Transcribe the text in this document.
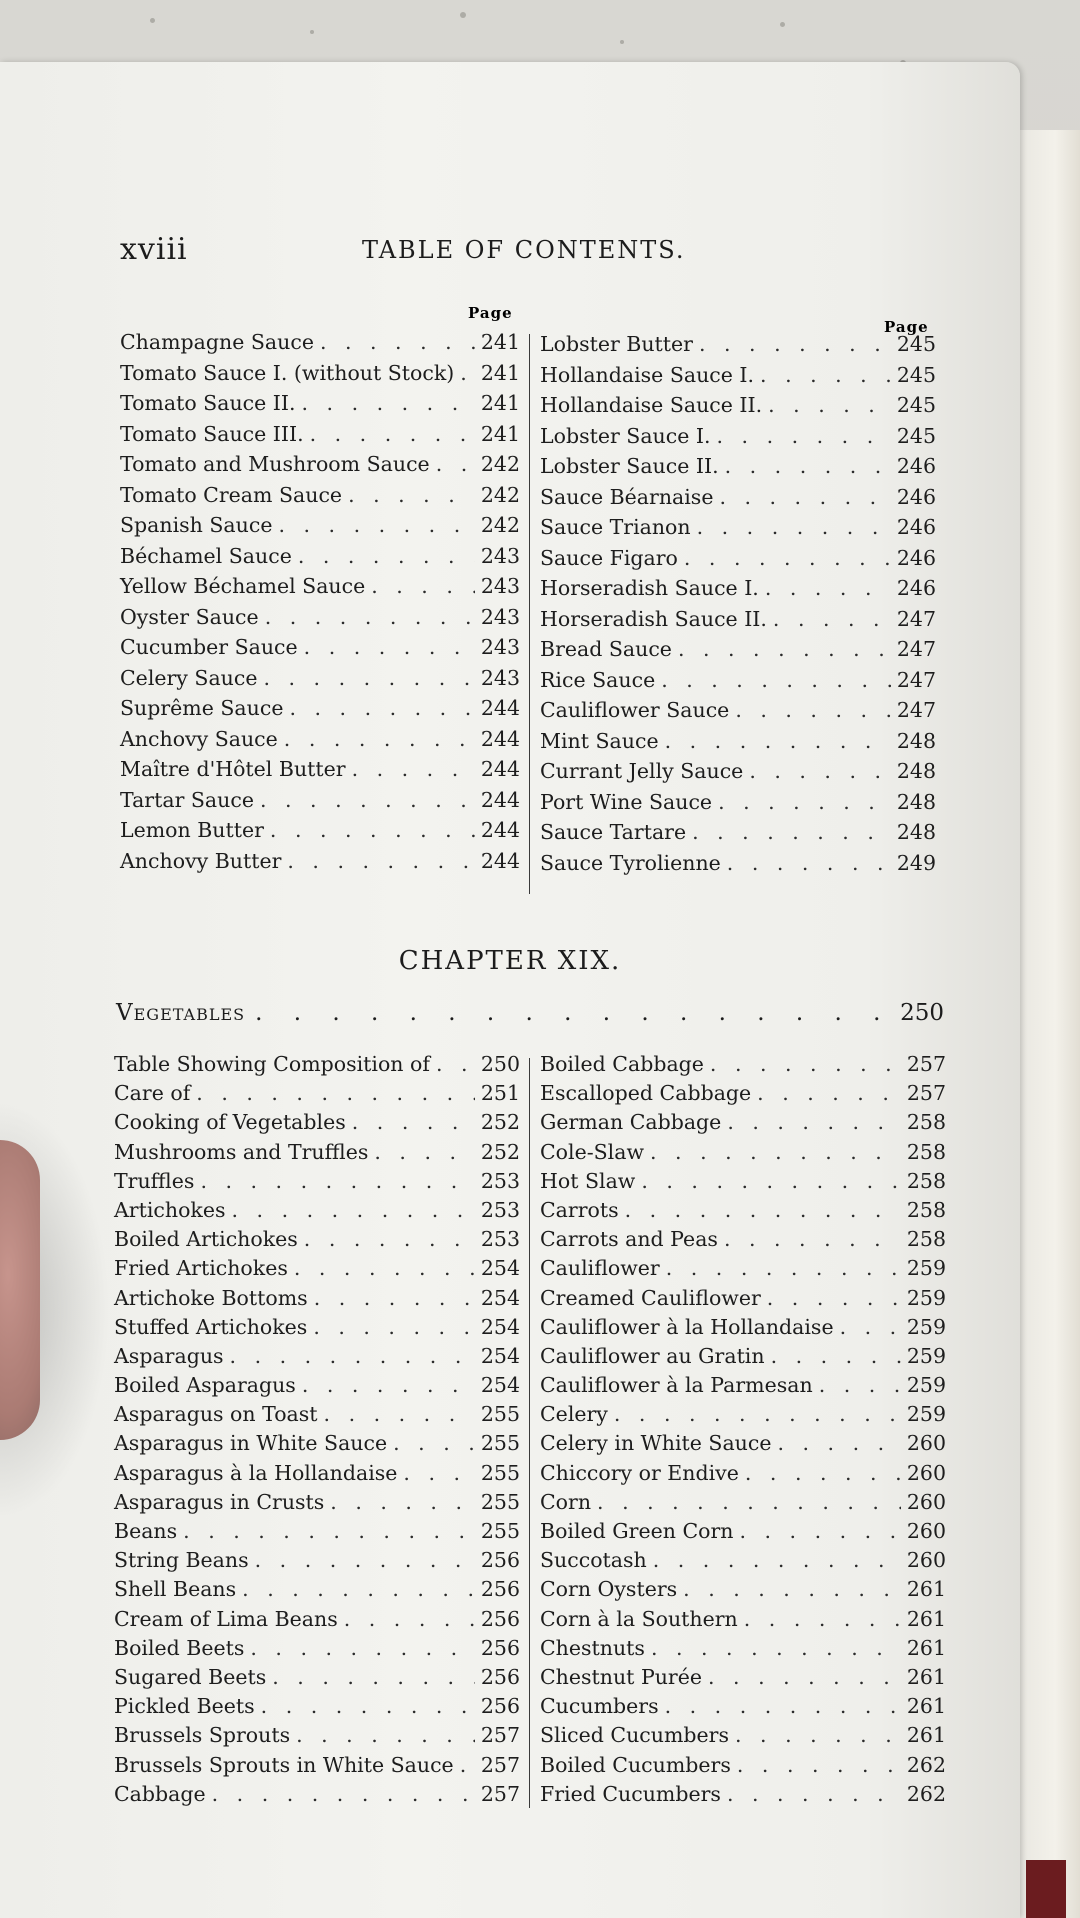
xviii	TABLE OF CONTENTS.
Page
Page
Champagne Sauce . . .	241
Tomato Sauce I. (without Stock) . . . 241
Tomato Sauce II. . . .	241
Tomato Sauce III. . . .	241
Tomato and Mushroom Sauce . . . 242
Tomato Cream Sauce . . .	242
Spanish Sauce . . .	242
Béchamel Sauce . . .	243
Yellow Béchamel Sauce . . .	243
Oyster Sauce . . .	243
Cucumber Sauce . . .	243
Celery Sauce . . .	243
Suprême Sauce . . .	244
Anchovy Sauce . . .	244
Maître d'Hôtel Butter . . .	244
Tartar Sauce . . .	244
Lemon Butter . . .	244
Anchovy Butter . . .	244
Lobster Butter . . .	245
Hollandaise Sauce I. . . .	245
Hollandaise Sauce II. . . .	245
Lobster Sauce I. . . .	245
Lobster Sauce II. . . .	246
Sauce Béarnaise . . .	246
Sauce Trianon . . .	246
Sauce Figaro . . .	246
Horseradish Sauce I. . . .	246
Horseradish Sauce II. . . .	247
Bread Sauce . . .	247
Rice Sauce . . .	247
Cauliflower Sauce . . .	247
Mint Sauce . . .	248
Currant Jelly Sauce . . .	248
Port Wine Sauce . . .	248
Sauce Tartare . . .	248
Sauce Tyrolienne . . .	249
CHAPTER XIX.
Vegetables . . .	250
Table Showing Composition of . . . 250
Care of . . .	251
Cooking of Vegetables . . .	252
Mushrooms and Truffles . . .	252
Truffles . . .	253
Artichokes . . .	253
Boiled Artichokes . . .	253
Fried Artichokes . . .	254
Artichoke Bottoms . . .	254
Stuffed Artichokes . . .	254
Asparagus . . .	254
Boiled Asparagus . . .	254
Asparagus on Toast . . .	255
Asparagus in White Sauce . . .	255
Asparagus à la Hollandaise . . .	255
Asparagus in Crusts . . .	255
Beans . . .	255
String Beans . . .	256
Shell Beans . . .	256
Cream of Lima Beans . . .	256
Boiled Beets . . .	256
Sugared Beets . . .	256
Pickled Beets . . .	256
Brussels Sprouts . . .	257
Brussels Sprouts in White Sauce . . . 257
Cabbage . . .	257
Boiled Cabbage . . .	257
Escalloped Cabbage . . .	257
German Cabbage . . .	258
Cole-Slaw . . .	258
Hot Slaw . . .	258
Carrots . . .	258
Carrots and Peas . . .	258
Cauliflower . . .	259
Creamed Cauliflower . . .	259
Cauliflower à la Hollandaise . . .	259
Cauliflower au Gratin . . .	259
Cauliflower à la Parmesan . . .	259
Celery . . .	259
Celery in White Sauce . . .	260
Chiccory or Endive . . .	260
Corn . . .	260
Boiled Green Corn . . .	260
Succotash . . .	260
Corn Oysters . . .	261
Corn à la Southern . . .	261
Chestnuts . . .	261
Chestnut Purée . . .	261
Cucumbers . . .	261
Sliced Cucumbers . . .	261
Boiled Cucumbers . . .	262
Fried Cucumbers . . .	262
